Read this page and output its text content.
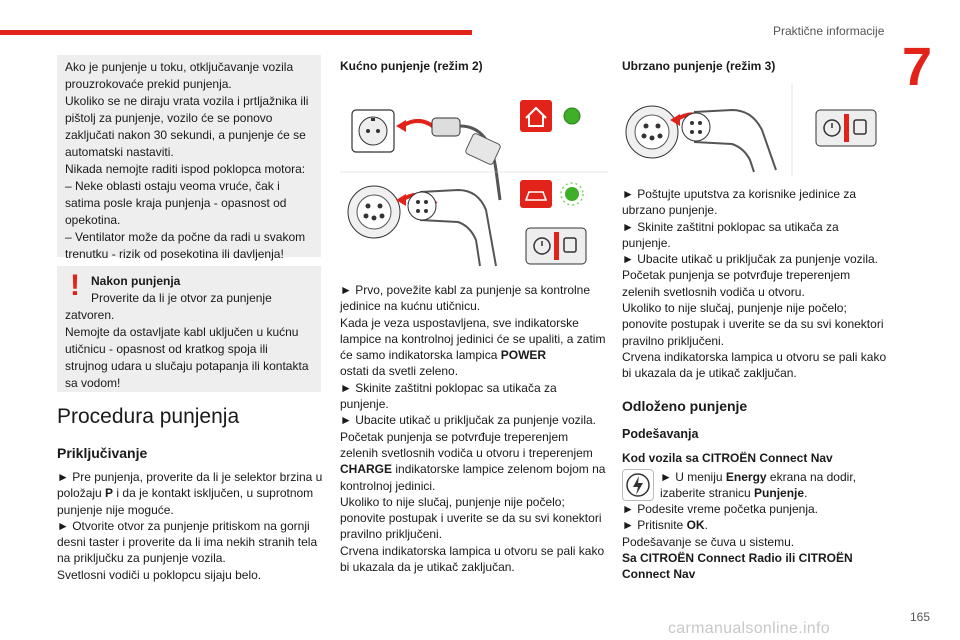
Praktične informacije
7

Ako je punjenje u toku, otključavanje vozila prouzrokovaće prekid punjenja.
Ukoliko se ne diraju vrata vozila i prtljažnika ili pištolj za punjenje, vozilo će se ponovo zaključati nakon 30 sekundi, a punjenje će se automatski nastaviti.
Nikada nemojte raditi ispod poklopca motora:
– Neke oblasti ostaju veoma vruće, čak i satima posle kraja punjenja - opasnost od opekotina.
– Ventilator može da počne da radi u svakom trenutku - rizik od posekotina ili davljenja!

Nakon punjenja

Proverite da li je otvor za punjenje zatvoren.
Nemojte da ostavljate kabl uključen u kućnu utičnicu - opasnost od kratkog spoja ili strujnog udara u slučaju potapanja ili kontakta sa vodom!

!
Procedura punjenja
Priključivanje

► Pre punjenja, proverite da li je selektor brzina u položaju P i da je kontakt isključen, u suprotnom punjenje nije moguće.

► Otvorite otvor za punjenje pritiskom na gornji desni taster i proverite da li ima nekih stranih tela na priključku za punjenje vozila.
Svetlosni vodiči u poklopcu sijaju belo.

Kućno punjenje (režim 2)

► Prvo, povežite kabl za punjenje sa kontrolne jedinice na kućnu utičnicu.
Kada je veza uspostavljena, sve indikatorske lampice na kontrolnoj jedinici će se upaliti, a zatim će samo indikatorska lampica POWER
ostati da svetli zeleno.
► Skinite zaštitni poklopac sa utikača za punjenje.
► Ubacite utikač u priključak za punjenje vozila.
Početak punjenja se potvrđuje treperenjem zelenih svetlosnih vodiča u otvoru i treperenjem CHARGE indikatorske lampice zelenom bojom na kontrolnoj jedinici.
Ukoliko to nije slučaj, punjenje nije počelo; ponovite postupak i uverite se da su svi konektori pravilno priključeni.
Crvena indikatorska lampica u otvoru se pali kako bi ukazala da je utikač zaključan.

Ubrzano punjenje (režim 3)

► Poštujte uputstva za korisnike jedinice za ubrzano punjenje.
► Skinite zaštitni poklopac sa utikača za punjenje.
► Ubacite utikač u priključak za punjenje vozila.
Početak punjenja se potvrđuje treperenjem zelenih svetlosnih vodiča u otvoru.
Ukoliko to nije slučaj, punjenje nije počelo; ponovite postupak i uverite se da su svi konektori pravilno priključeni.
Crvena indikatorska lampica u otvoru se pali kako bi ukazala da je utikač zaključan.

Odloženo punjenje
Podešavanja
Kod vozila sa CITROËN Connect Nav

► U meniju Energy ekrana na dodir, izaberite stranicu Punjenje.

► Podesite vreme početka punjenja.

► Pritisnite OK.

Podešavanje se čuva u sistemu.

Sa CITROËN Connect Radio ili CITROËN Connect Nav
165
carmanualsonline.info
